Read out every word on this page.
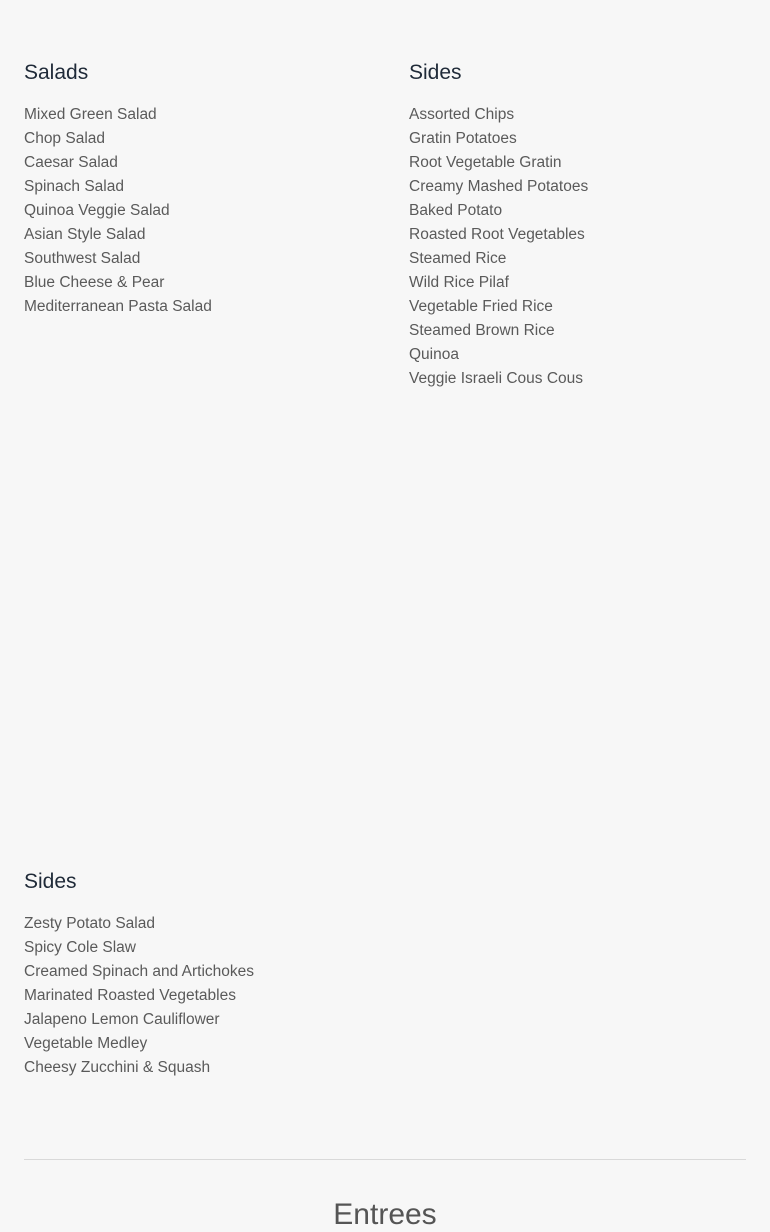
Salads
Mixed Green Salad
Chop Salad
Caesar Salad
Spinach Salad
Quinoa Veggie Salad
Asian Style Salad
Southwest Salad
Blue Cheese & Pear
Mediterranean Pasta Salad
Sides
Assorted Chips
Gratin Potatoes
Root Vegetable Gratin
Creamy Mashed Potatoes
Baked Potato
Roasted Root Vegetables
Steamed Rice
Wild Rice Pilaf
Vegetable Fried Rice
Steamed Brown Rice
Quinoa
Veggie Israeli Cous Cous
Sides
Zesty Potato Salad
Spicy Cole Slaw
Creamed Spinach and Artichokes
Marinated Roasted Vegetables
Jalapeno Lemon Cauliflower
Vegetable Medley
Cheesy Zucchini & Squash
Entrees
